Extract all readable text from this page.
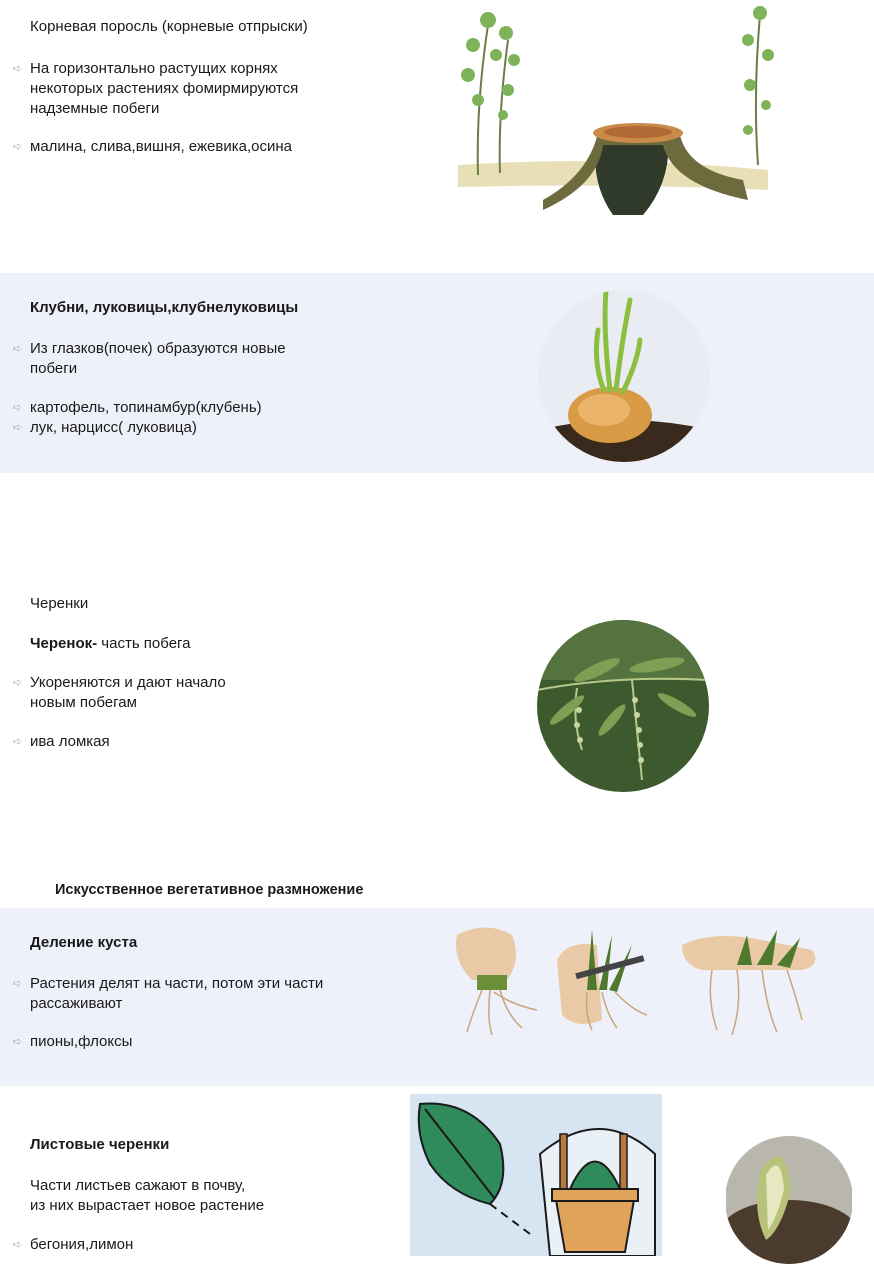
Корневая поросль (корневые отпрыски)

➪ На горизонтально растущих корнях

некоторых растениях фомирмируются

надземные побеги

➪ малина, слива,вишня, ежевика,осина

Клубни, луковицы,клубнелуковицы

➪ Из глазков(почек) образуются новые

побеги

➪ картофель, топинамбур(клубень)

➪ лук, нарцисс( луковица)

Черенки

Черенок- часть побега

➪ Укореняются и дают начало

новым побегам

➪ ива ломкая

Искусственное вегетативное размножение

Деление куста

➪ Растения делят на части, потом эти части

рассаживают

➪ пионы,флоксы

Листовые черенки

Части листьев сажают в почву,

из них вырастает новое растение

➪ бегония,лимон
